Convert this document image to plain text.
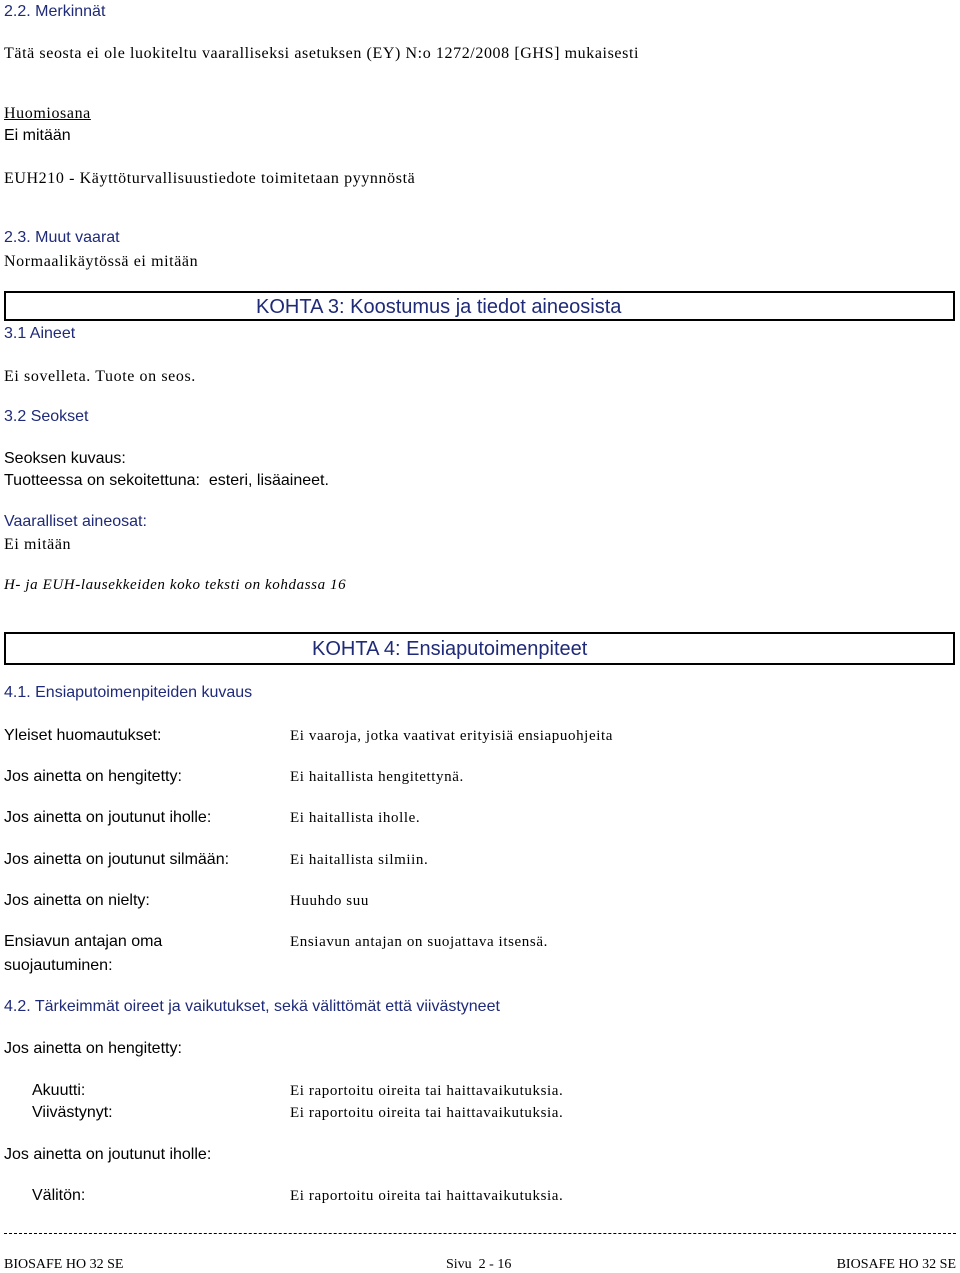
2.2. Merkinnät
Tätä seosta ei ole luokiteltu vaaralliseksi asetuksen (EY) N:o 1272/2008 [GHS] mukaisesti
Huomiosana
Ei mitään
EUH210 - Käyttöturvallisuustiedote toimitetaan pyynnöstä
2.3. Muut vaarat
Normaalikäytössä ei mitään
KOHTA 3: Koostumus ja tiedot aineosista
3.1 Aineet
Ei sovelleta. Tuote on seos.
3.2 Seokset
Seoksen kuvaus:
Tuotteessa on sekoitettuna:  esteri, lisäaineet.
Vaaralliset aineosat:
Ei mitään
H- ja EUH-lausekkeiden koko teksti on kohdassa 16
KOHTA 4: Ensiaputoimenpiteet
4.1. Ensiaputoimenpiteiden kuvaus
Yleiset huomautukset:	Ei vaaroja, jotka vaativat erityisiä ensiapuohjeita
Jos ainetta on hengitetty:	Ei haitallista hengitettynä.
Jos ainetta on joutunut iholle:	Ei haitallista iholle.
Jos ainetta on joutunut silmään:	Ei haitallista silmiin.
Jos ainetta on nielty:	Huuhdo suu
Ensiavun antajan oma
suojautuminen:
Ensiavun antajan on suojattava itsensä.
4.2. Tärkeimmät oireet ja vaikutukset, sekä välittömät että viivästyneet
Jos ainetta on hengitetty:
Akuutti:	Ei raportoitu oireita tai haittavaikutuksia.
Viivästynyt:	Ei raportoitu oireita tai haittavaikutuksia.
Jos ainetta on joutunut iholle:
Välitön:	Ei raportoitu oireita tai haittavaikutuksia.
BIOSAFE HO 32 SE	Sivu  2 - 16	BIOSAFE HO 32 SE
